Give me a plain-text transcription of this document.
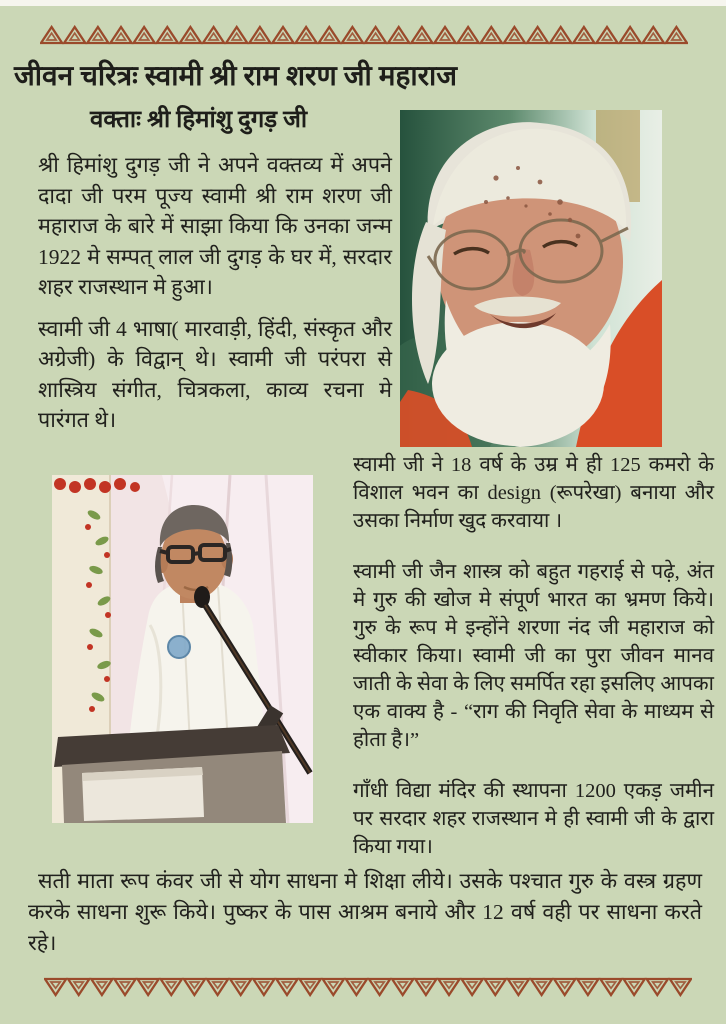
जीवन चरित्रः स्वामी श्री राम शरण जी महाराज
वक्ताः श्री हिमांशु दुगड़ जी

श्री हिमांशु दुगड़ जी ने अपने वक्तव्य में अपने दादा जी परम पूज्य स्वामी श्री राम शरण जी महाराज के बारे में साझा किया कि उनका जन्म 1922 मे सम्पत् लाल जी दुगड़ के घर में, सरदार शहर राजस्थान मे हुआ।

स्वामी जी 4 भाषा( मारवाड़ी, हिंदी, संस्कृत और अग्रेजी) के विद्वान् थे। स्वामी जी परंपरा से शास्त्रिय संगीत, चित्रकला, काव्य रचना मे पारंगत थे।

स्वामी जी ने 18 वर्ष के उम्र मे ही 125 कमरो के विशाल भवन का design (रूपरेखा) बनाया और उसका निर्माण खुद करवाया ।

स्वामी जी जैन शास्त्र को बहुत गहराई से पढ़े, अंत मे गुरु की खोज मे संपूर्ण भारत का भ्रमण किये। गुरु के रूप मे इन्होंने शरणा नंद जी महाराज को स्वीकार किया। स्वामी जी का पुरा जीवन मानव जाती के सेवा के लिए समर्पित रहा इसलिए आपका एक वाक्य है - “राग की निवृति सेवा के माध्यम से होता है।”

गाँधी विद्या मंदिर की स्थापना 1200 एकड़ जमीन पर सरदार शहर राजस्थान मे ही स्वामी जी के द्वारा किया गया।

सती माता रूप कंवर जी से योग साधना मे शिक्षा लीये। उसके पश्चात गुरु के वस्त्र ग्रहण करके साधना शुरू किये। पुष्कर के पास आश्रम बनाये और 12 वर्ष वही पर साधना करते रहे।
